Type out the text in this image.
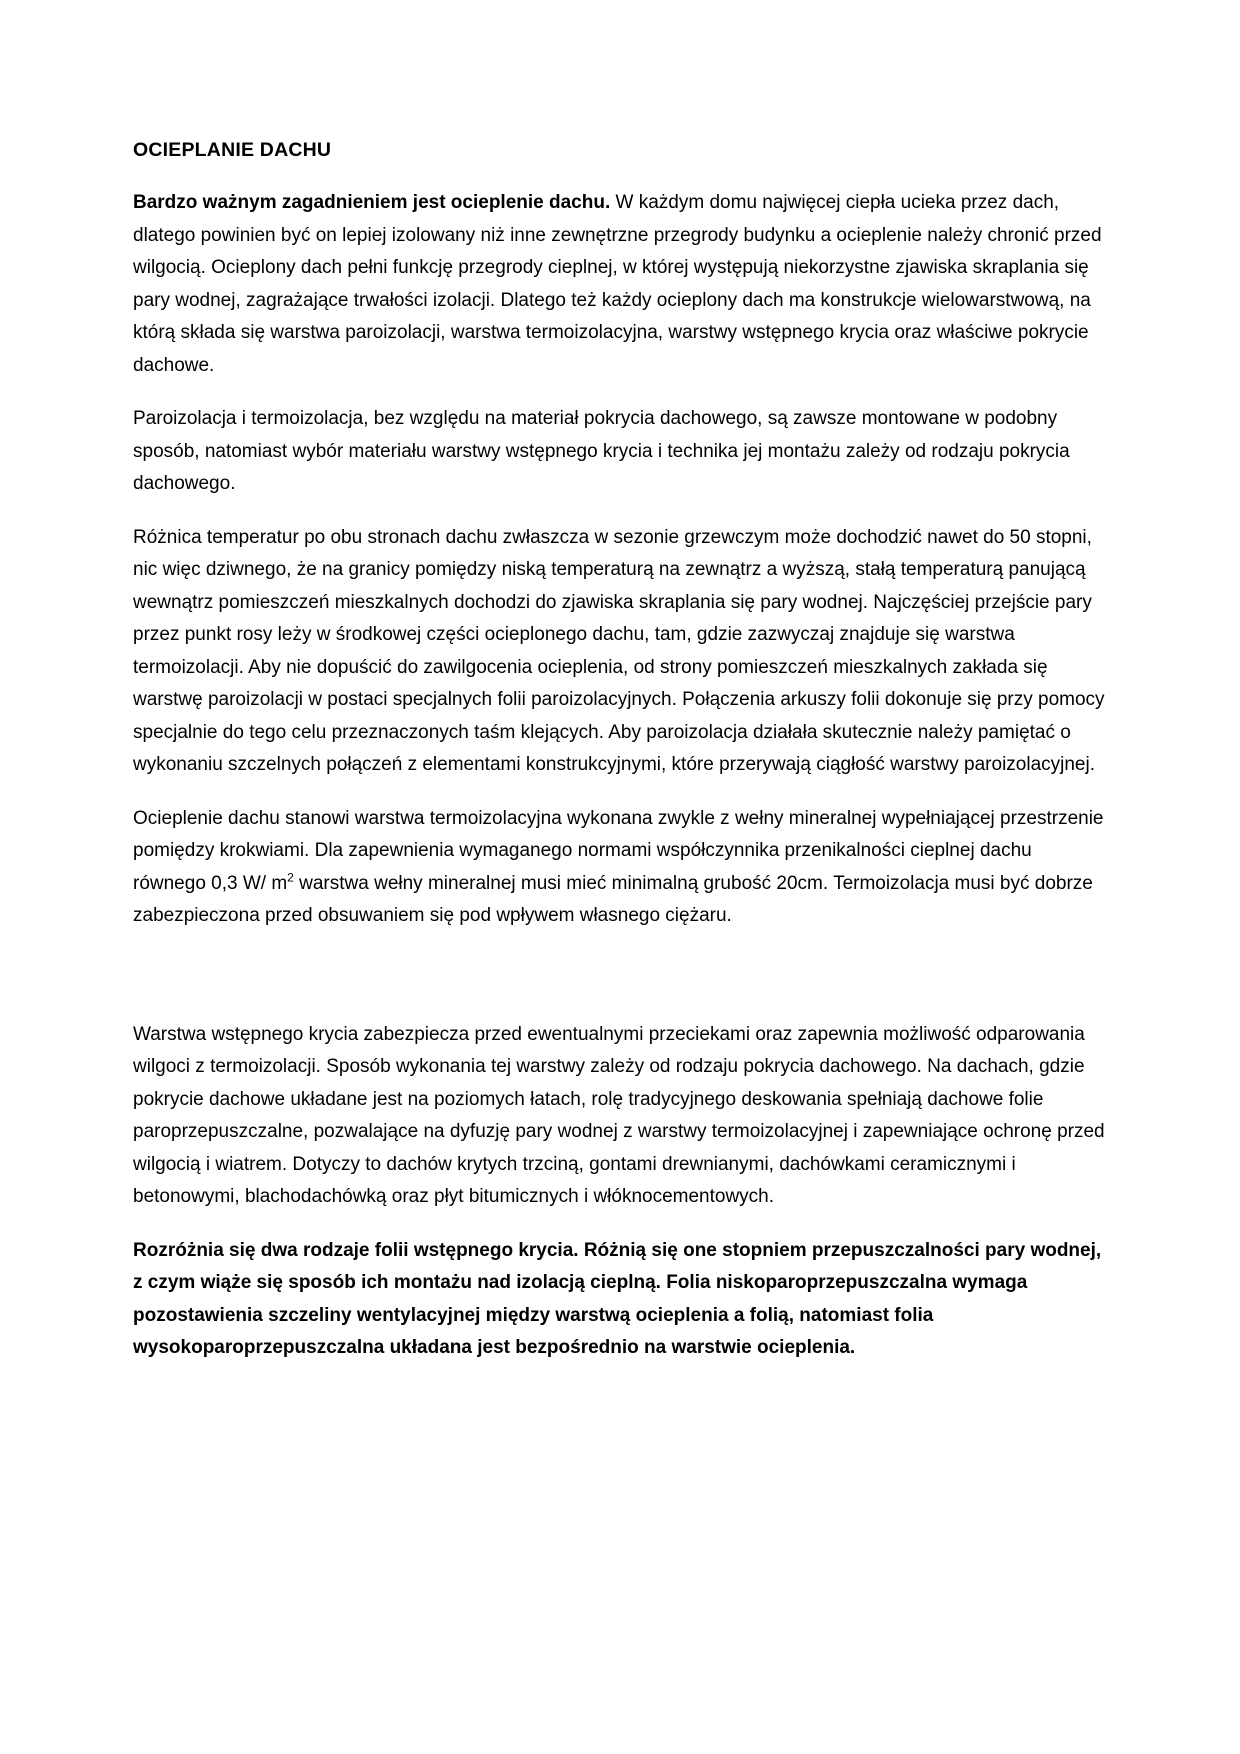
OCIEPLANIE DACHU

Bardzo ważnym zagadnieniem jest ocieplenie dachu. W każdym domu najwięcej ciepła ucieka przez dach, dlatego powinien być on lepiej izolowany niż inne zewnętrzne przegrody budynku a ocieplenie należy chronić przed wilgocią. Ocieplony dach pełni funkcję przegrody cieplnej, w której występują niekorzystne zjawiska skraplania się pary wodnej, zagrażające trwałości izolacji. Dlatego też każdy ocieplony dach ma konstrukcje wielowarstwową, na którą składa się warstwa paroizolacji, warstwa termoizolacyjna, warstwy wstępnego krycia oraz właściwe pokrycie dachowe.

Paroizolacja i termoizolacja, bez względu na materiał pokrycia dachowego, są zawsze montowane w podobny sposób, natomiast wybór materiału warstwy wstępnego krycia i technika jej montażu zależy od rodzaju pokrycia dachowego.

Różnica temperatur po obu stronach dachu zwłaszcza w sezonie grzewczym może dochodzić nawet do 50 stopni, nic więc dziwnego, że na granicy pomiędzy niską temperaturą na zewnątrz a wyższą, stałą temperaturą panującą wewnątrz pomieszczeń mieszkalnych dochodzi do zjawiska skraplania się pary wodnej. Najczęściej przejście pary przez punkt rosy leży w środkowej części ocieplonego dachu, tam, gdzie zazwyczaj znajduje się warstwa termoizolacji. Aby nie dopuścić do zawilgocenia ocieplenia, od strony pomieszczeń mieszkalnych zakłada się warstwę paroizolacji w postaci specjalnych folii paroizolacyjnych. Połączenia arkuszy folii dokonuje się przy pomocy specjalnie do tego celu przeznaczonych taśm klejących. Aby paroizolacja działała skutecznie należy pamiętać o wykonaniu szczelnych połączeń z elementami konstrukcyjnymi, które przerywają ciągłość warstwy paroizolacyjnej.

Ocieplenie dachu stanowi warstwa termoizolacyjna wykonana zwykle z wełny mineralnej wypełniającej przestrzenie pomiędzy krokwiami. Dla zapewnienia wymaganego normami współczynnika przenikalności cieplnej dachu równego 0,3 W/ $m^2$ warstwa wełny mineralnej musi mieć minimalną grubość 20cm. Termoizolacja musi być dobrze zabezpieczona przed obsuwaniem się pod wpływem własnego ciężaru.

Warstwa wstępnego krycia zabezpiecza przed ewentualnymi przeciekami oraz zapewnia możliwość odparowania wilgoci z termoizolacji. Sposób wykonania tej warstwy zależy od rodzaju pokrycia dachowego. Na dachach, gdzie pokrycie dachowe układane jest na poziomych łatach, rolę tradycyjnego deskowania spełniają dachowe folie paroprzepuszczalne, pozwalające na dyfuzję pary wodnej z warstwy termoizolacyjnej i zapewniające ochronę przed wilgocią i wiatrem. Dotyczy to dachów krytych trzciną, gontami drewnianymi, dachówkami ceramicznymi i betonowymi, blachodachówką oraz płyt bitumicznych i włóknocementowych.

Rozróżnia się dwa rodzaje folii wstępnego krycia. Różnią się one stopniem przepuszczalności pary wodnej, z czym wiąże się sposób ich montażu nad izolacją cieplną. Folia niskoparoprzepuszczalna wymaga pozostawienia szczeliny wentylacyjnej między warstwą ocieplenia a folią, natomiast folia wysokoparoprzepuszczalna układana jest bezpośrednio na warstwie ocieplenia.
